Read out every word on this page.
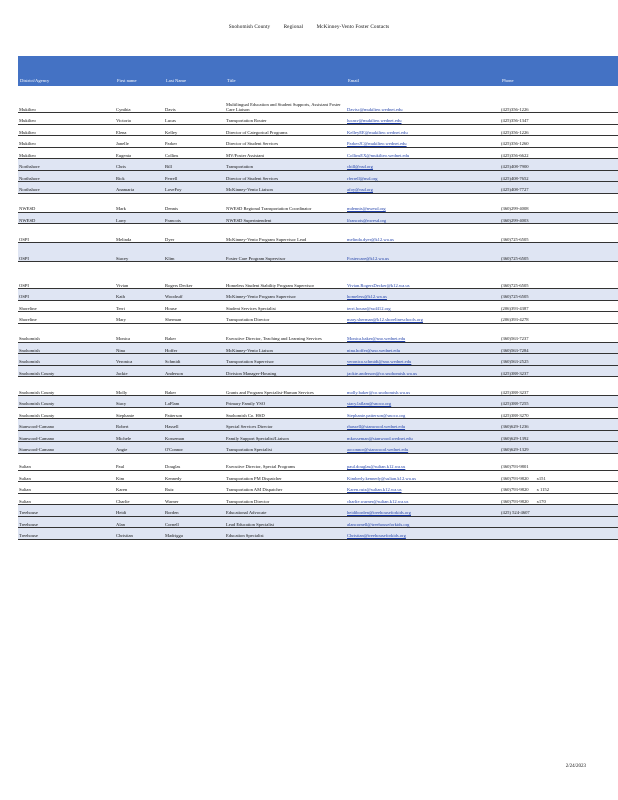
Snohomish County	Regional	McKinney-Vento Foster Contacts
District/Agency	First name	Last Name	Title	Email	Phone
Mukilteo	Cynthia	Davis	Multilingual Education and Student Supports, Assistant Foster Care Liaison	Davisc@mukilteo.wednet.edu	(425)356-1226
Mukilteo	Victoria	Lucas	Transportation Router	lucasv@mukilteo.wednet.edu	(425)356-1347
Mukilteo	Elena	Kelley	Director of Categorical Programs	KelleyEE@mukilteo.wednet.edu	(425)356-1226
Mukilteo	Janelle	Parker	Director of Student Services	ParkerJC@mukilteo.wednet.edu	(425)356-1260
Mukilteo	Eugenia	Collins	MV/Foster Assistant	CollinsEX@mukilteo.wednet.edu	(425)356-6622
Northshore	Chris	Bill	Transportation	cbill@nsd.org	(425)408-7900
Northshore	Rick	Ferrell	Director of Student Services	rferrell@nsd.org	(425)408-7652
Northshore	Anamaria	LoveFoy	McKinney-Vento Liaison	afoy@nsd.org	(425)408-7727
NWESD	Mark	Dennis	NWESD Regional Transportation Coordinator	mdennis@nwesd.org	(360)299-4008
NWESD	Larry	Francois	NWESD Superintendent	lfrancois@nwesd.org	(360)299-4003
OSPI	Melinda	Dyer	McKinney-Vento Program Supervisor Lead	melinda.dyer@k12.wa.us	(360)725-6505
OSPI	Stacey	Klim	Foster Care Program Supervisor	Fostercare@k12.wa.us	(360)725-6505
OSPI	Vivian	Rogers Decker	Homeless Student Stability Program Supervisor	Vivian.RogersDecker@k12.wa.us	(360)725-6505
OSPI	Kath	Woodruff	McKinney-Vento Program Supervisor	homeless@k12.wa.us	(360)725-6505
Shoreline	Terri	House	Student Services Specialist	terri.house@ssd412.org	(206)393-4387
Shoreline	Mary	Sherman	Transportation Director	mary.sherman@k12.shorelineschools.org	(206)393-4278
Snohomish	Monica	Baker	Executive Director, Teaching and Learning Services	Monica.baker@sno.wednet.edu	(360)563-7237
Snohomish	Nina	Hoffer	McKinney-Vento Liaison	nina.hoffer@sno.wednet.edu	(360)563-7284
Snohomish	Veronica	Schmidt	Transportation Supervisor	veronica.schmidt@sno.wednet.edu	(360)563-2525
Snohomish County	Jackie	Anderson	Division Manager-Housing	jackie.anderson@co.snohomish.wa.us	(425)388-3237
Snohomish County	Molly	Baker	Grants and Program Specialist-Human Services	molly.baker@co.snohomish.wa.us	(425)388-3237
Snohomish County	Stacy	LaFlam	Primary Family YSO	stacy.laflam@snoco.org	(425)388-7255
Snohomish County	Stephanie	Patterson	Snohomish Co. HSD	Stephanie.patterson@snoco.org	(425)388-3270
Stanwood-Camano	Robert	Hassell	Special Services Director	rhassell@stanwood.wednet.edu	(360)629-1236
Stanwood-Camano	Michele	Kosseman	Family Support Specialist/Liaison	mkosseman@stanwood.wednet.edu	(360)629-1392
Stanwood-Camano	Angie	O'Connor	Transportation Specialist	aoconnor@stanwood.wednet.edu	(360)629-1329
Sultan	Paul	Douglas	Executive Director, Special Programs	paul.douglas@sultan.k12.wa.us	(360)793-9801
Sultan	Kim	Kennedy	Transportation PM Dispatcher	Kimberly.kennedy@sultan.k12.wa.us	(360)793-9820 x151
Sultan	Karen	Ruiz	Transportation AM Dispatcher	Karen.ruiz@sultan.k12.wa.us	(360)793-9820 x 1152
Sultan	Charlie	Warner	Transportation Director	charlie.warner@sultan.k12.wa.us	(360)793-9820 x170
Treehouse	Heidi	Borden	Educational Advocate	heidiborden@treehouseforkids.org	(425) 524-4607
Treehouse	Alan	Cornell	Lead Education Specialist	alancornell@treehouseforkids.org	
Treehouse	Christian	Madrigga	Education Specialist	Christian@treehouseforkids.org	
2/24/2023
